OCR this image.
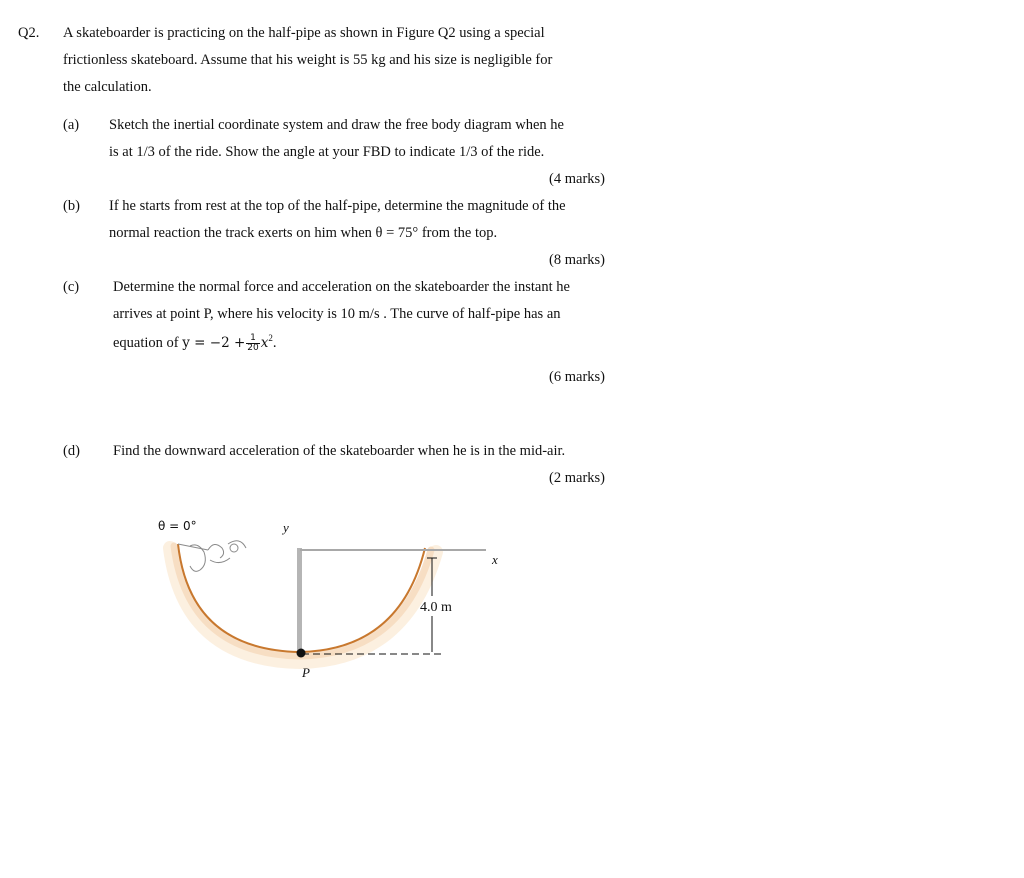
Q2. A skateboarder is practicing on the half-pipe as shown in Figure Q2 using a special
frictionless skateboard. Assume that his weight is 55 kg and his size is negligible for
the calculation.
(a) Sketch the inertial coordinate system and draw the free body diagram when he
is at 1/3 of the ride. Show the angle at your FBD to indicate 1/3 of the ride.
(4 marks)
(b) If he starts from rest at the top of the half-pipe, determine the magnitude of the
normal reaction the track exerts on him when θ = 75° from the top.
(8 marks)
(c) Determine the normal force and acceleration on the skateboarder the instant he
arrives at point P, where his velocity is 10 m/s . The curve of half-pipe has an
equation of $y = -2 + \frac{1}{20} x^2$.
(6 marks)
(d) Find the downward acceleration of the skateboarder when he is in the mid-air.
(2 marks)
θ = 0°	y
x
4.0 m
P
